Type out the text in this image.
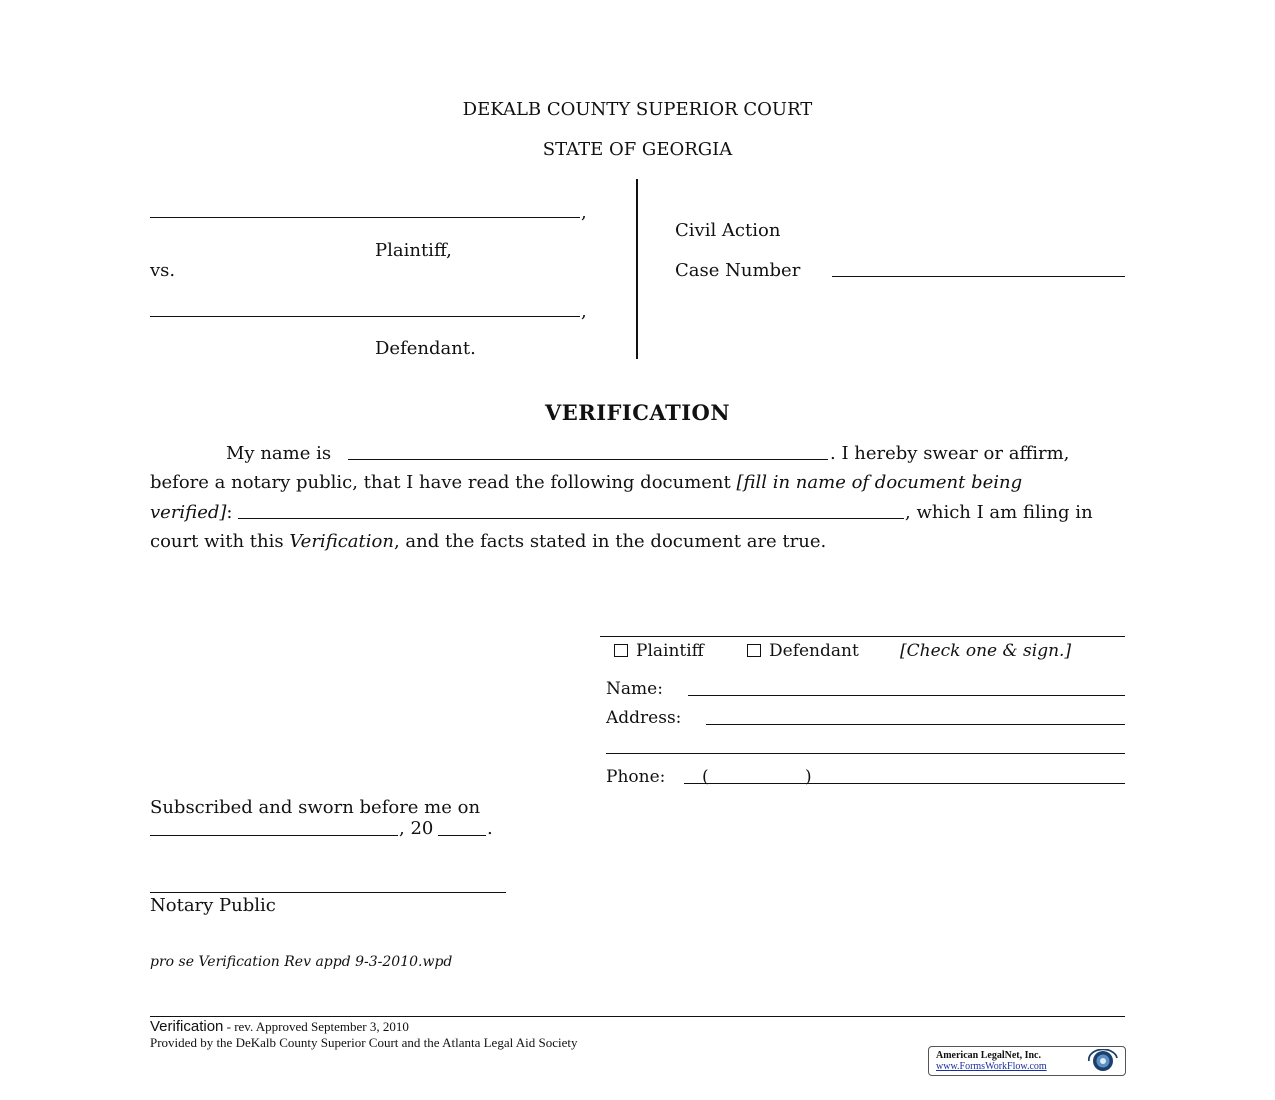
DEKALB COUNTY SUPERIOR COURT
STATE OF GEORGIA
,
Plaintiff,
vs.
,
Defendant.
Civil Action
Case Number
VERIFICATION
My name is	. I hereby swear or affirm,
before a notary public, that I have read the following document [fill in name of document being
verified]:	, which I am filing in
court with this Verification, and the facts stated in the document are true.
Plaintiff	Defendant [Check one & sign.]
Name:
Address:
Phone: (	)
Subscribed and sworn before me on
, 20	.
Notary Public
pro se Verification Rev appd 9-3-2010.wpd
Verification - rev. Approved September 3, 2010
Provided by the DeKalb County Superior Court and the Atlanta Legal Aid Society
American LegalNet, Inc.
www.FormsWorkFlow.com
